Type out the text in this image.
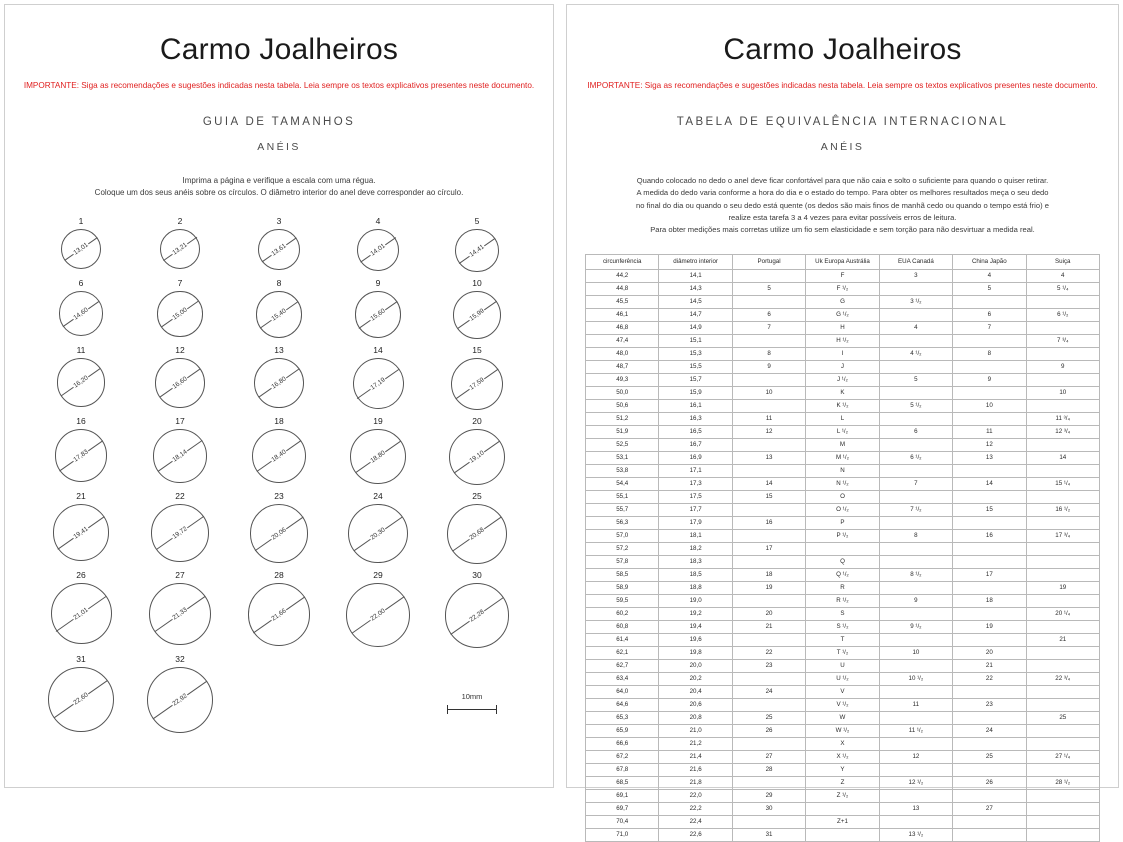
Carmo Joalheiros
IMPORTANTE: Siga as recomendações e sugestões indicadas nesta tabela. Leia sempre os textos explicativos presentes neste documento.
GUIA DE TAMANHOS
ANÉIS
Imprima a página e verifique a escala com uma régua.
Coloque um dos seus anéis sobre os círculos. O diâmetro interior do anel deve corresponder ao círculo.
1
13,01
2
13,21
3
13,61
4
14,01
5
14,41
6
14,60
7
15,00
8
15,40
9
15,60
10
15,99
11
16,20
12
16,60
13
16,80
14
17,19
15
17,59
16
17,83
17
18,14
18
18,40
19
18,80
20
19,10
21
19,41
22
19,72
23
20,06
24
20,30
25
20,68
26
21,01
27
21,33
28
21,66
29
22,00
30
22,28
31
22,60
32
22,92	10mm
Carmo Joalheiros
IMPORTANTE: Siga as recomendações e sugestões indicadas nesta tabela. Leia sempre os textos explicativos presentes neste documento.
TABELA DE EQUIVALÊNCIA INTERNACIONAL
ANÉIS
Quando colocado no dedo o anel deve ficar confortável para que não caia e solto o suficiente para quando o quiser retirar.
A medida do dedo varia conforme a hora do dia e o estado do tempo. Para obter os melhores resultados meça o seu dedo
no final do dia ou quando o seu dedo está quente (os dedos são mais finos de manhã cedo ou quando o tempo está frio) e
realize esta tarefa 3 a 4 vezes para evitar possíveis erros de leitura.
Para obter medições mais corretas utilize um fio sem elasticidade e sem torção para não desvirtuar a medida real.
circunferência	diâmetro interior	Portugal	Uk Europa Austrália	EUA Canadá	China Japão	Suiça
44,2	14,1		F	3	4	4
44,8	14,3	5	F ¹/₂		5	5 ¹/₄
45,5	14,5		G	3 ¹/₂		
46,1	14,7	6	G ¹/₂		6	6 ¹/₂
46,8	14,9	7	H	4	7	
47,4	15,1		H ¹/₂			7 ³/₄
48,0	15,3	8	I	4 ¹/₂	8	
48,7	15,5	9	J			9
49,3	15,7		J ¹/₂	5	9	
50,0	15,9	10	K			10
50,6	16,1		K ¹/₂	5 ¹/₂	10	
51,2	16,3	11	L			11 ³/₄
51,9	16,5	12	L ¹/₂	6	11	12 ³/₄
52,5	16,7		M		12	
53,1	16,9	13	M ¹/₂	6 ¹/₂	13	14
53,8	17,1		N			
54,4	17,3	14	N ¹/₂	7	14	15 ¹/₄
55,1	17,5	15	O			
55,7	17,7		O ¹/₂	7 ¹/₂	15	16 ¹/₂
56,3	17,9	16	P			
57,0	18,1		P ¹/₂	8	16	17 ³/₄
57,2	18,2	17				
57,8	18,3		Q			
58,5	18,5	18	Q ¹/₂	8 ¹/₂	17	
58,9	18,8	19	R			19
59,5	19,0		R ¹/₂	9	18	
60,2	19,2	20	S			20 ¹/₄
60,8	19,4	21	S ¹/₂	9 ¹/₂	19	
61,4	19,6		T			21
62,1	19,8	22	T ¹/₂	10	20	
62,7	20,0	23	U		21	
63,4	20,2		U ¹/₂	10 ¹/₂	22	22 ³/₄
64,0	20,4	24	V			
64,6	20,6		V ¹/₂	11	23	
65,3	20,8	25	W			25
65,9	21,0	26	W ¹/₂	11 ¹/₂	24	
66,6	21,2		X			
67,2	21,4	27	X ¹/₂	12	25	27 ¹/₄
67,8	21,6	28	Y			
68,5	21,8		Z	12 ¹/₂	26	28 ¹/₂
69,1	22,0	29	Z ¹/₂			
69,7	22,2	30		13	27	
70,4	22,4		Z+1			
71,0	22,6	31		13 ¹/₂		
